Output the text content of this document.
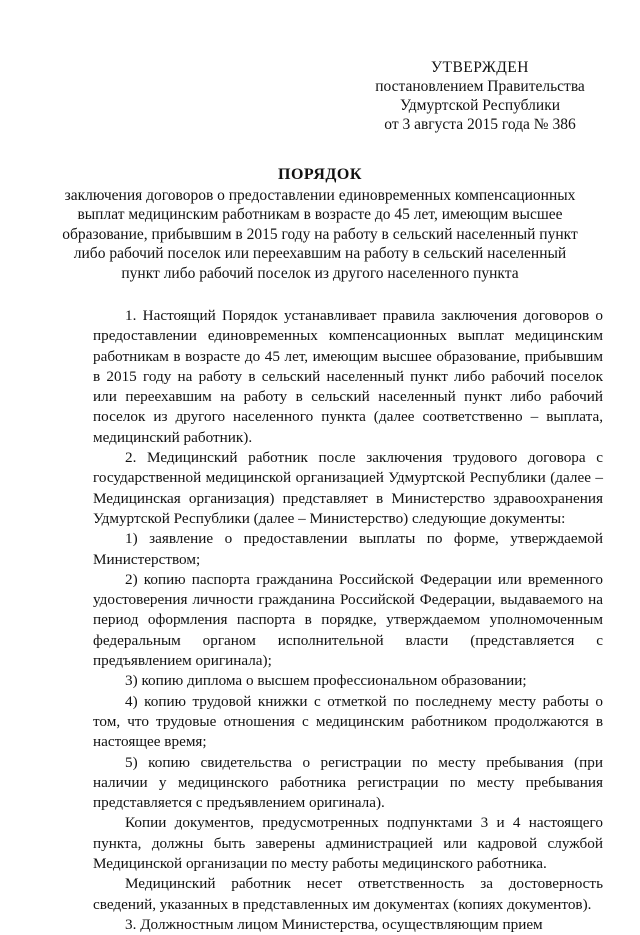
УТВЕРЖДЕН
постановлением Правительства
Удмуртской Республики
от 3 августа 2015 года № 386
ПОРЯДОК
заключения договоров о предоставлении единовременных компенсационных выплат медицинским работникам в возрасте до 45 лет, имеющим высшее образование, прибывшим в 2015 году на работу в сельский населенный пункт либо рабочий поселок или переехавшим на работу в сельский населенный пункт либо рабочий поселок из другого населенного пункта

1. Настоящий Порядок устанавливает правила заключения договоров о предоставлении единовременных компенсационных выплат медицинским работникам в возрасте до 45 лет, имеющим высшее образование, прибывшим в 2015 году на работу в сельский населенный пункт либо рабочий поселок или переехавшим на работу в сельский населенный пункт либо рабочий поселок из другого населенного пункта (далее соответственно – выплата, медицинский работник).

2. Медицинский работник после заключения трудового договора с государственной медицинской организацией Удмуртской Республики (далее – Медицинская организация) представляет в Министерство здравоохранения Удмуртской Республики (далее – Министерство) следующие документы:

1) заявление о предоставлении выплаты по форме, утверждаемой Министерством;

2) копию паспорта гражданина Российской Федерации или временного удостоверения личности гражданина Российской Федерации, выдаваемого на период оформления паспорта в порядке, утверждаемом уполномоченным федеральным органом исполнительной власти (представляется с предъявлением оригинала);

3) копию диплома о высшем профессиональном образовании;

4) копию трудовой книжки с отметкой по последнему месту работы о том, что трудовые отношения с медицинским работником продолжаются в настоящее время;

5) копию свидетельства о регистрации по месту пребывания (при наличии у медицинского работника регистрации по месту пребывания представляется с предъявлением оригинала).

Копии документов, предусмотренных подпунктами 3 и 4 настоящего пункта, должны быть заверены администрацией или кадровой службой Медицинской организации по месту работы медицинского работника.

Медицинский работник несет ответственность за достоверность сведений, указанных в представленных им документах (копиях документов).

3. Должностным лицом Министерства, осуществляющим прием
